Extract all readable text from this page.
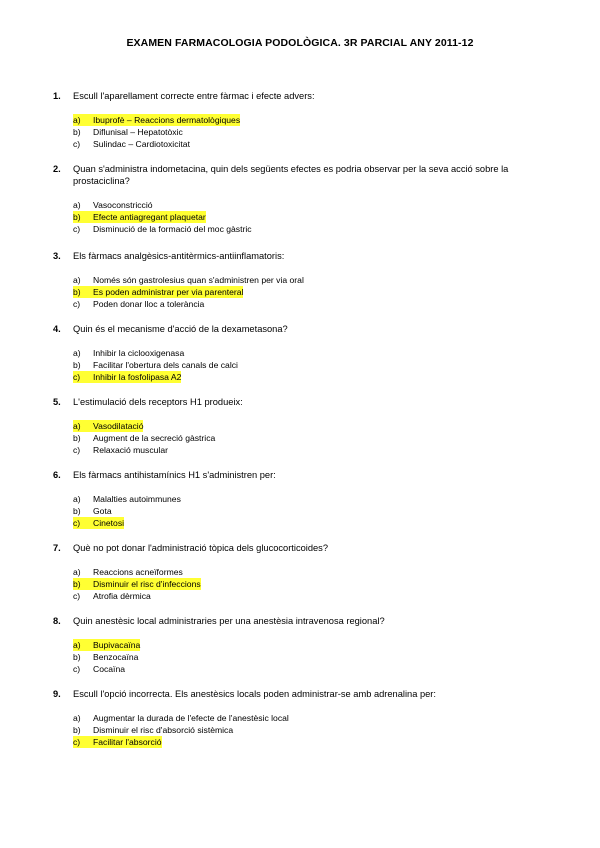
EXAMEN FARMACOLOGIA PODOLÒGICA. 3R PARCIAL ANY 2011-12
1.	Escull l'aparellament correcte entre fàrmac i efecte advers:
a)	Ibuprofè – Reaccions dermatològiques
b)	Diflunisal – Hepatotòxic
c)	Sulindac – Cardiotoxicitat
2.	Quan s'administra indometacina, quin dels següents efectes es podria observar per la seva acció sobre la prostaciclina?
a)	Vasoconstricció
b)	Efecte antiagregant plaquetar
c)	Disminució de la formació del moc gàstric
3.	Els fàrmacs analgèsics-antitèrmics-antiinflamatoris:
a)	Només són gastrolesius quan s'administren per via oral
b)	Es poden administrar per via parenteral
c)	Poden donar lloc a tolerància
4.	Quin és el mecanisme d'acció de la dexametasona?
a)	Inhibir la ciclooxigenasa
b)	Facilitar l'obertura dels canals de calci
c)	Inhibir la fosfolipasa A2
5.	L'estimulació dels receptors H1 produeix:
a)	Vasodilatació
b)	Augment de la secreció gàstrica
c)	Relaxació muscular
6.	Els fàrmacs antihistamínics H1 s'administren per:
a)	Malalties autoimmunes
b)	Gota
c)	Cinetosi
7.	Què no pot donar l'administració tòpica dels glucocorticoides?
a)	Reaccions acneïformes
b)	Disminuir el risc d'infeccions
c)	Atrofia dèrmica
8.	Quin anestèsic local administraries per una anestèsia intravenosa regional?
a)	Bupivacaïna
b)	Benzocaïna
c)	Cocaïna
9.	Escull l'opció incorrecta. Els anestèsics locals poden administrar-se amb adrenalina per:
a)	Augmentar la durada de l'efecte de l'anestèsic local
b)	Disminuir el risc d'absorció sistèmica
c)	Facilitar l'absorció
